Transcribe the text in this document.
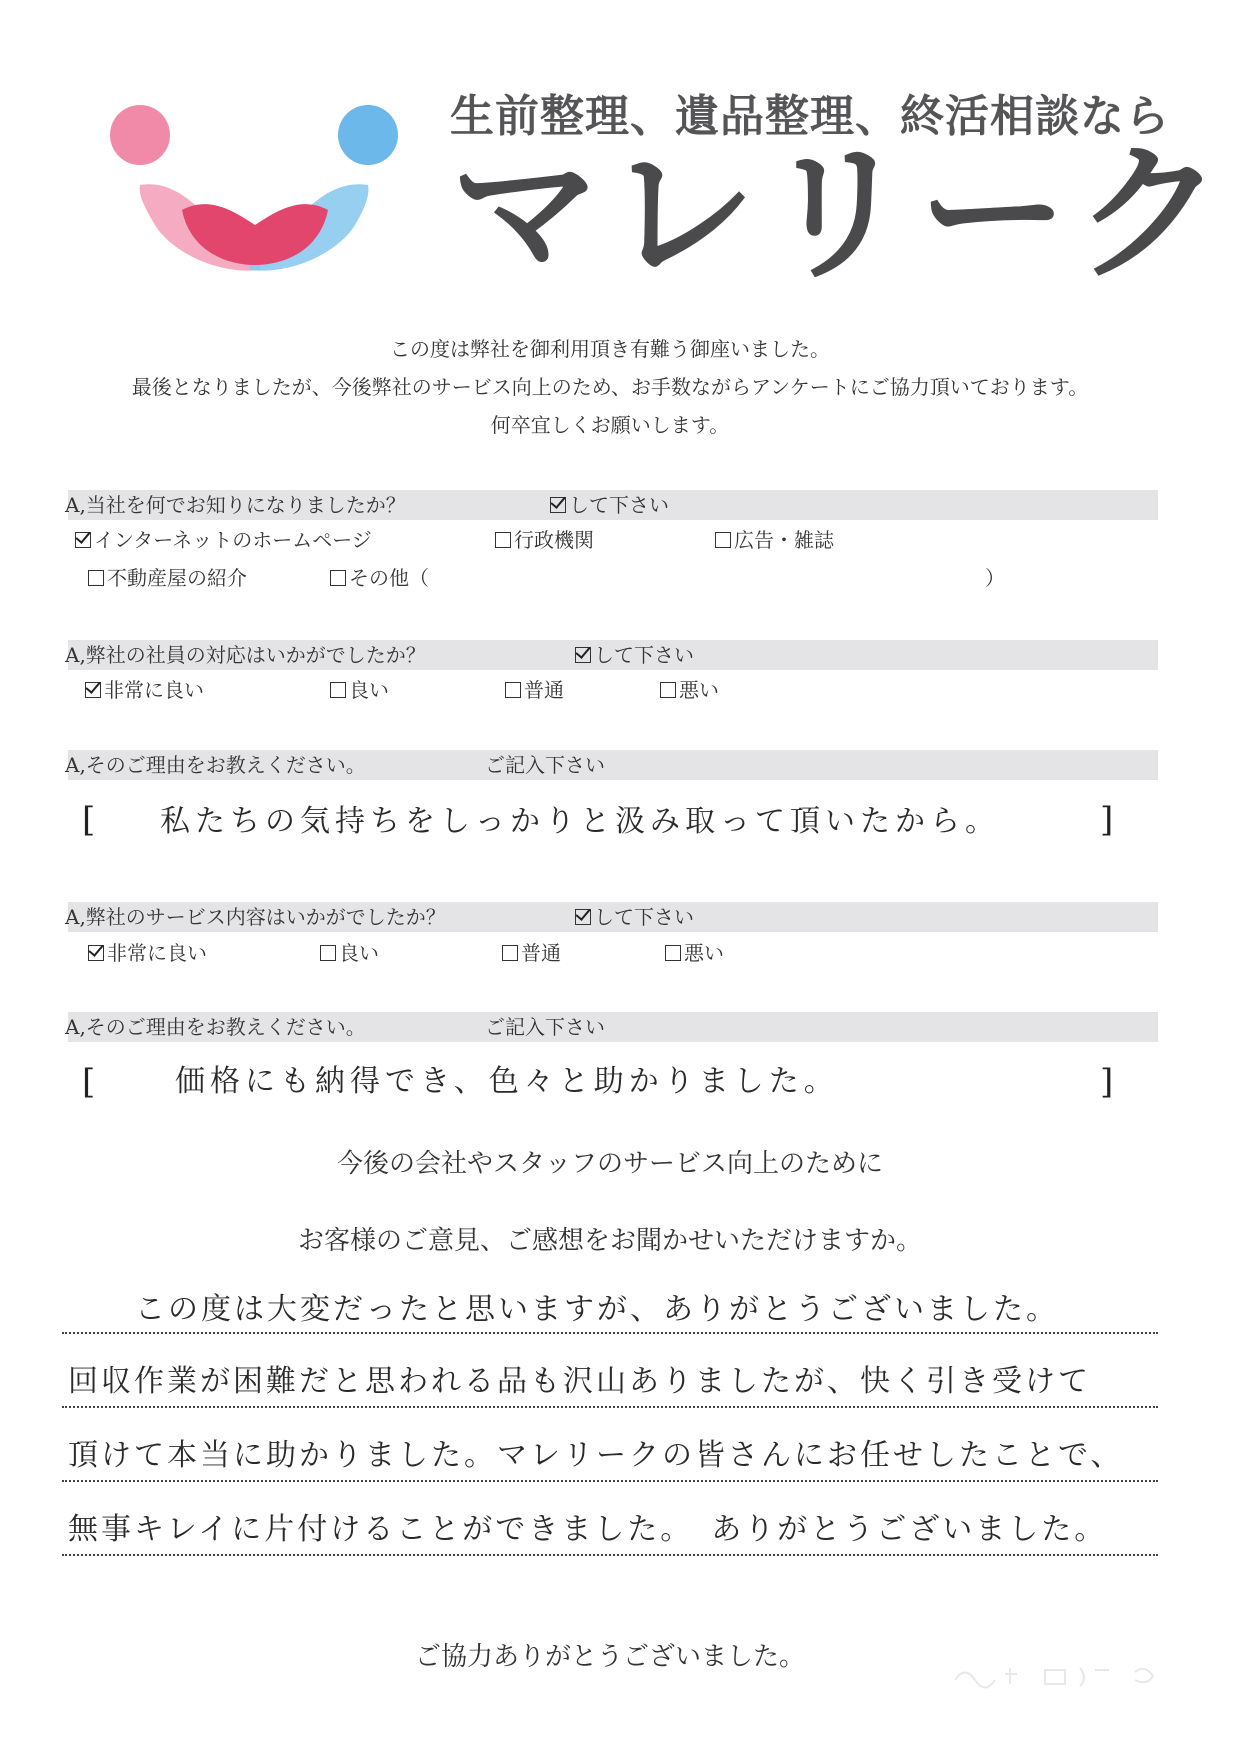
生前整理、遺品整理、終活相談なら
マレリーク
この度は弊社を御利用頂き有難う御座いました。
最後となりましたが、今後弊社のサービス向上のため、お手数ながらアンケートにご協力頂いております。
何卒宜しくお願いします。
A,当社を何でお知りになりましたか？	して下さい
インターネットのホームページ	行政機関	広告・雑誌
不動産屋の紹介	その他（	）
A,弊社の社員の対応はいかがでしたか？	して下さい
非常に良い	良い	普通	悪い
A,そのご理由をお教えください。	ご記入下さい
[ 私たちの気持ちをしっかりと汲み取って頂いたから。	]
A,弊社のサービス内容はいかがでしたか？	して下さい
非常に良い	良い	普通	悪い
A,そのご理由をお教えください。	ご記入下さい
[	価格にも納得でき、色々と助かりました。	]
今後の会社やスタッフのサービス向上のために
お客様のご意見、ご感想をお聞かせいただけますか。
この度は大変だったと思いますが、ありがとうございました。
回収作業が困難だと思われる品も沢山ありましたが、快く引き受けて
頂けて本当に助かりました。マレリークの皆さんにお任せしたことで、
無事キレイに片付けることができました。　ありがとうございました。
ご協力ありがとうございました。
